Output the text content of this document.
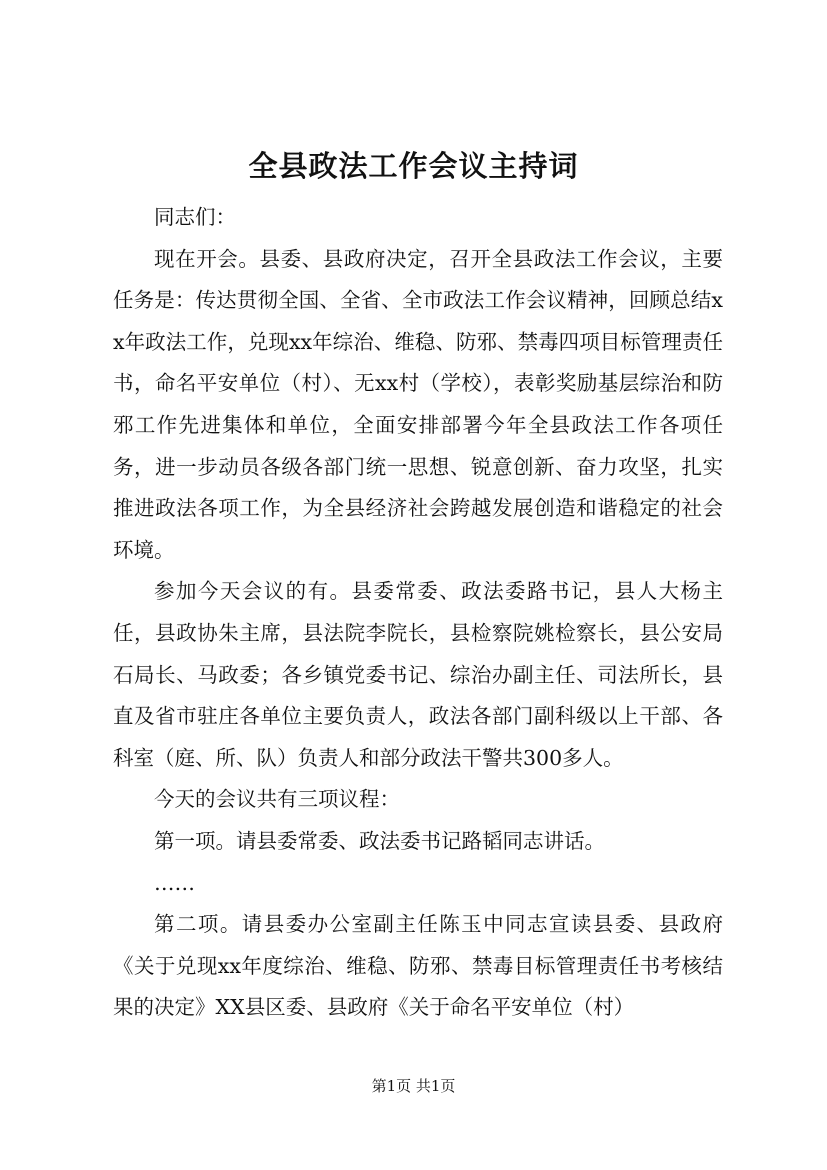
全县政法工作会议主持词

同志们：

现在开会。县委、县政府决定，召开全县政法工作会议，主要任务是：传达贯彻全国、全省、全市政法工作会议精神，回顾总结xx年政法工作，兑现xx年综治、维稳、防邪、禁毒四项目标管理责任书，命名平安单位（村）、无xx村（学校），表彰奖励基层综治和防邪工作先进集体和单位，全面安排部署今年全县政法工作各项任务，进一步动员各级各部门统一思想、锐意创新、奋力攻坚，扎实推进政法各项工作，为全县经济社会跨越发展创造和谐稳定的社会环境。

参加今天会议的有。县委常委、政法委路书记，县人大杨主任，县政协朱主席，县法院李院长，县检察院姚检察长，县公安局石局长、马政委；各乡镇党委书记、综治办副主任、司法所长，县直及省市驻庄各单位主要负责人，政法各部门副科级以上干部、各科室（庭、所、队）负责人和部分政法干警共300多人。

今天的会议共有三项议程：

第一项。请县委常委、政法委书记路韬同志讲话。

……

第二项。请县委办公室副主任陈玉中同志宣读县委、县政府《关于兑现xx年度综治、维稳、防邪、禁毒目标管理责任书考核结果的决定》XX县区委、县政府《关于命名平安单位（村）

第1页 共1页
